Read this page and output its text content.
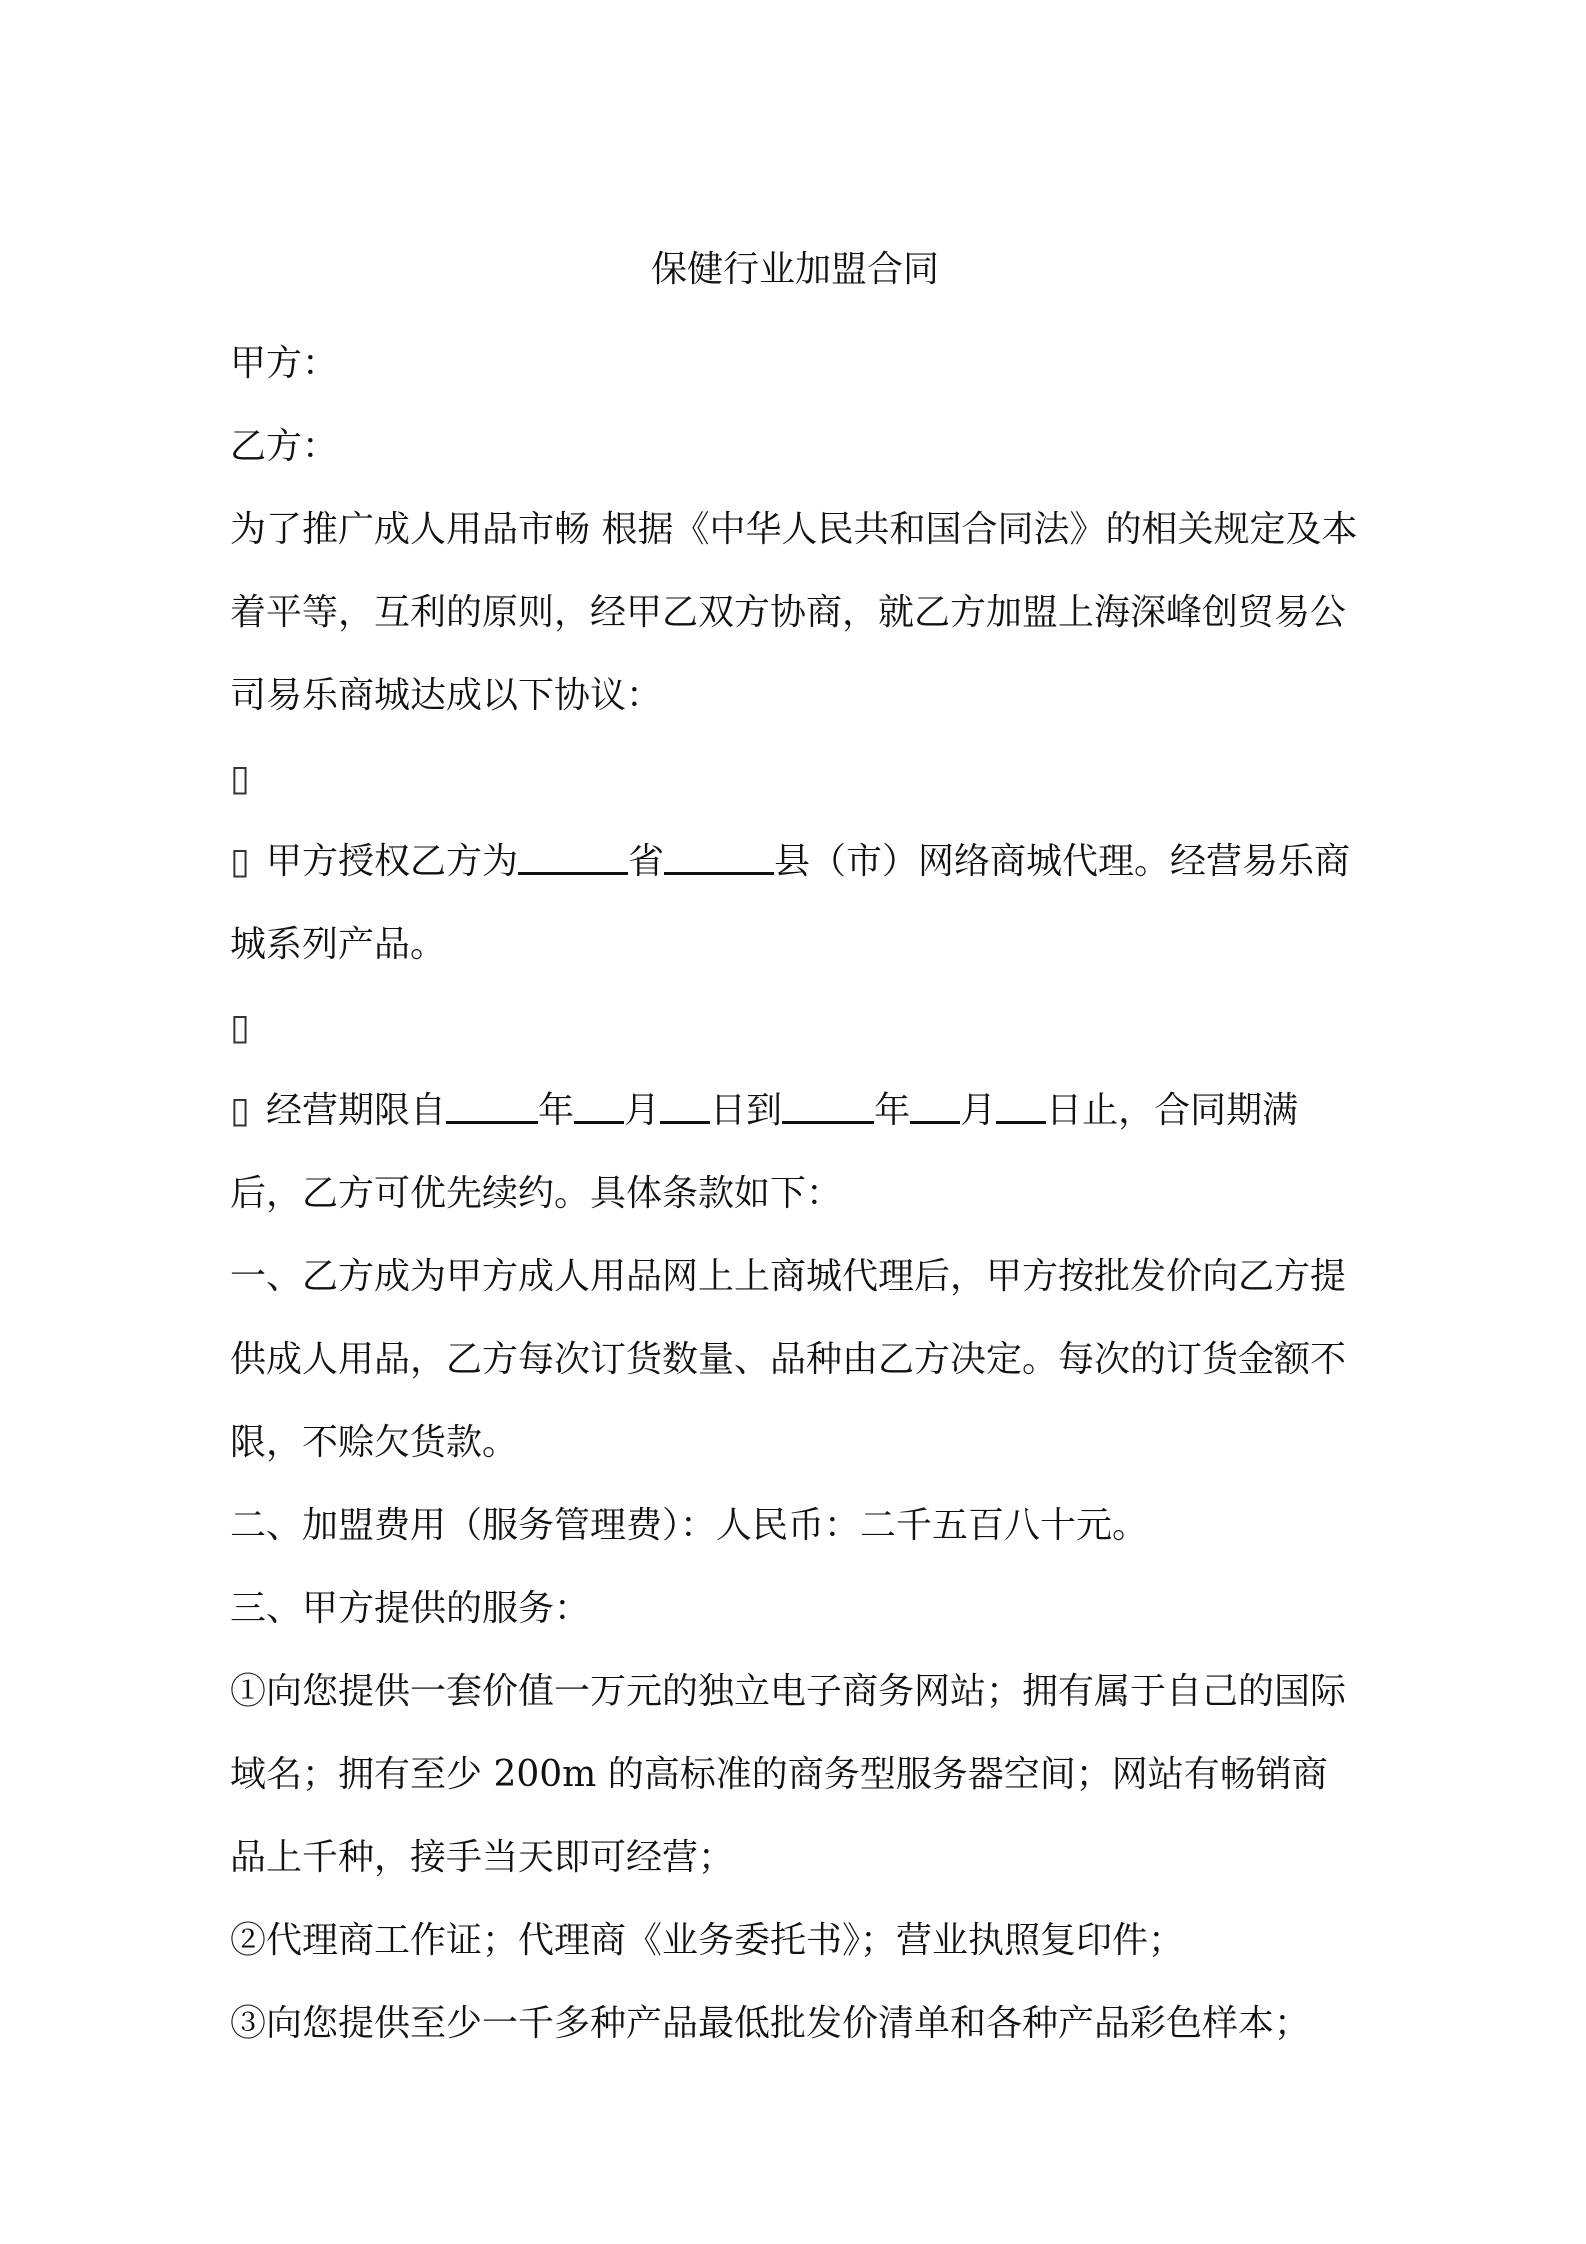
保健行业加盟合同

甲方：

乙方：

为了推广成人用品市畅 根据《中华人民共和国合同法》的相关规定及本着平等，互利的原则，经甲乙双方协商，就乙方加盟上海深峰创贸易公司易乐商城达成以下协议：

▯▯ 甲方授权乙方为	省	县（市）网络商城代理。经营易乐商城系列产品。

▯▯ 经营期限自	年 月 日到	年 月 日止，合同期满后，乙方可优先续约。具体条款如下：

一、乙方成为甲方成人用品网上上商城代理后，甲方按批发价向乙方提供成人用品，乙方每次订货数量、品种由乙方决定。每次的订货金额不限，不赊欠货款。

二、加盟费用（服务管理费）：人民币：二千五百八十元。

三、甲方提供的服务：

①向您提供一套价值一万元的独立电子商务网站；拥有属于自己的国际域名；拥有至少 200m 的高标准的商务型服务器空间；网站有畅销商品上千种，接手当天即可经营；

②代理商工作证；代理商《业务委托书》；营业执照复印件；

③向您提供至少一千多种产品最低批发价清单和各种产品彩色样本；
